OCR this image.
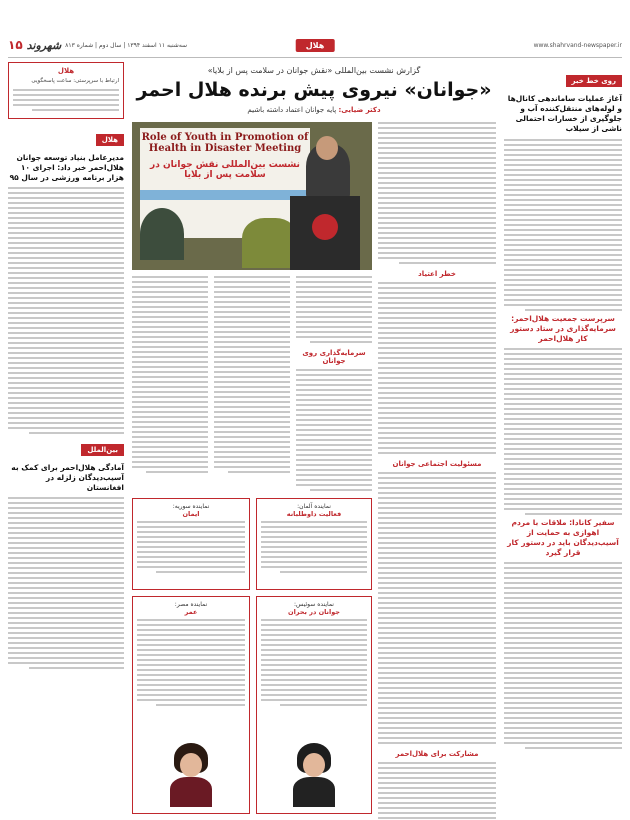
۱۵ شهروند سه‌شنبه ۱۱ اسفند ۱۳۹۴ | سال دوم | شماره ۸۱۳	هلال	www.shahrvand-newspaper.ir
روی خط خبر
آغاز عملیات ساماندهی کانال‌ها و لوله‌های منتقل‌کننده آب و جلوگیری از خسارات احتمالی ناشی از سیلاب
سرپرست جمعیت هلال‌احمر: سرمایه‌گذاری در ستاد دستور کار هلال‌احمر
سفیر کانادا: ملاقات با مردم اهوازی به حمایت از آسیب‌دیدگان باید در دستور کار قرار گیرد
هلال
ارتباط با سرپرستی: ساعت پاسخگویی
هلال
مدیرعامل بنیاد توسعه جوانان هلال‌احمر خبر داد: اجرای ۱۰ هزار برنامه ورزشی در سال ۹۵
بین‌الملل
آمادگی هلال‌احمر برای کمک به آسیب‌دیدگان زلزله در افغانستان
گزارش نشست بین‌المللی «نقش جوانان در سلامت پس از بلایا»
«جوانان» نیروی پیش برنده هلال احمر
دکتر ضیایی: پایه جوانان اعتماد داشته باشیم
Role of Youth in Promotion of Health in Disaster Meeting
نشست بین‌المللی نقش جوانان در سلامت پس از بلایا
خطر اعتیاد
مسئولیت اجتماعی جوانان
مشارکت برای هلال‌احمر
سرمایه‌گذاری روی جوانان
نماینده آلمان:
فعالیت داوطلبانه
نماینده سوریه:
ایمان
نماینده سوئیس:
جوانان در بحران
نماینده مصر:
عمر
